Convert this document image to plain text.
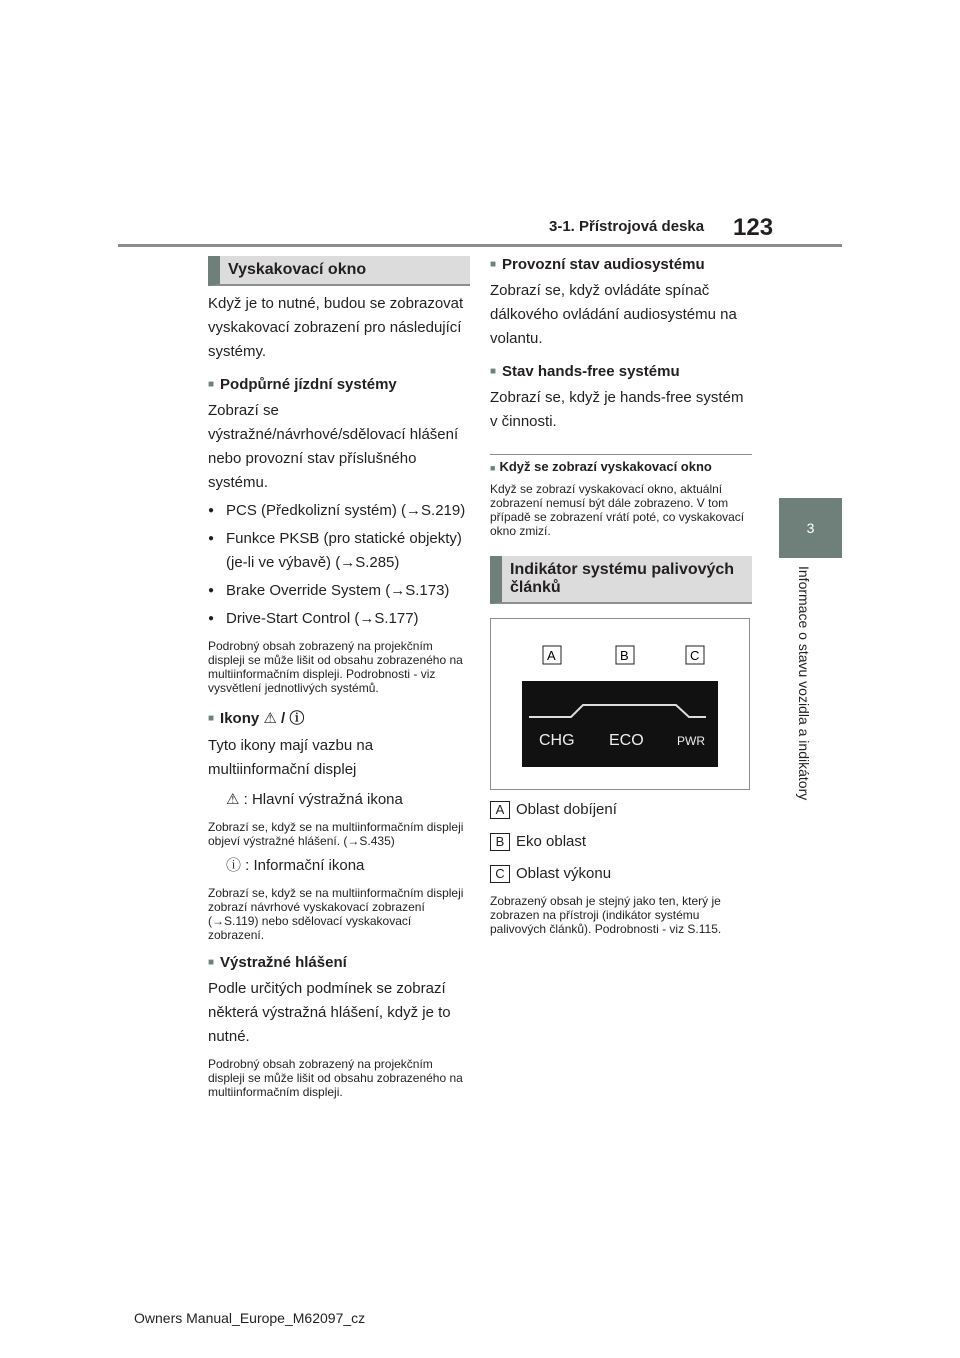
3-1. Přístrojová deska 123
3
Informace o stavu vozidla a indikátory
Vyskakovací okno
Když je to nutné, budou se zobrazovat vyskakovací zobrazení pro následující systémy.
■ Podpůrné jízdní systémy
Zobrazí se výstražné/návrhové/sdělovací hlášení nebo provozní stav příslušného systému.
● PCS (Předkolizní systém) (→S.219)
● Funkce PKSB (pro statické objekty) (je-li ve výbavě) (→S.285)
● Brake Override System (→S.173)
● Drive-Start Control (→S.177)
Podrobný obsah zobrazený na projekčním displeji se může lišit od obsahu zobrazeného na multiinformačním displeji. Podrobnosti - viz vysvětlení jednotlivých systémů.
■ Ikony ⚠ / ⓘ
Tyto ikony mají vazbu na multiinformační displej
⚠ : Hlavní výstražná ikona
Zobrazí se, když se na multiinformačním displeji objeví výstražné hlášení. (→S.435)
ⓘ : Informační ikona
Zobrazí se, když se na multiinformačním displeji zobrazí návrhové vyskakovací zobrazení (→S.119) nebo sdělovací vyskakovací zobrazení.
■ Výstražné hlášení
Podle určitých podmínek se zobrazí některá výstražná hlášení, když je to nutné.
Podrobný obsah zobrazený na projekčním displeji se může lišit od obsahu zobrazeného na multiinformačním displeji.
■ Provozní stav audiosystému
Zobrazí se, když ovládáte spínač dálkového ovládání audiosystému na volantu.
■ Stav hands-free systému
Zobrazí se, když je hands-free systém v činnosti.
■ Když se zobrazí vyskakovací okno
Když se zobrazí vyskakovací okno, aktuální zobrazení nemusí být dále zobrazeno. V tom případě se zobrazení vrátí poté, co vyskakovací okno zmizí.
Indikátor systému palivových článků
CHG ECO	PWR
A	B	C
A Oblast dobíjení
B Eko oblast
C Oblast výkonu
Zobrazený obsah je stejný jako ten, který je zobrazen na přístroji (indikátor systému palivových článků). Podrobnosti - viz S.115.
Owners Manual_Europe_M62097_cz
